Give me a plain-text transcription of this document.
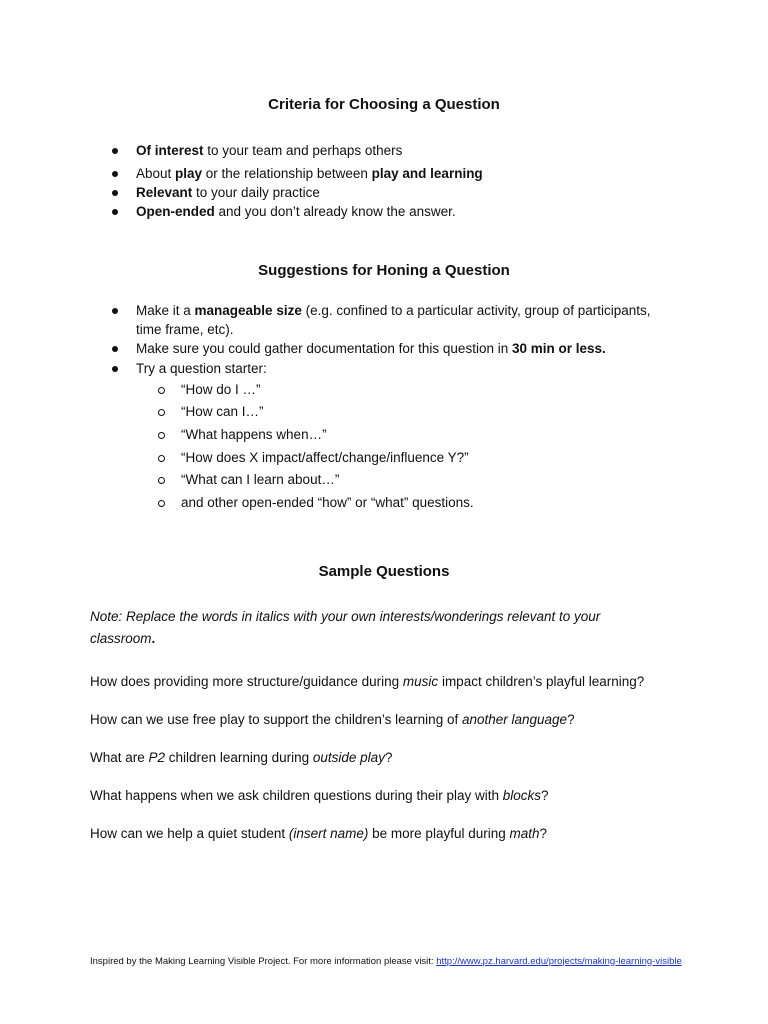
Criteria for Choosing a Question

Of interest to your team and perhaps others

About play or the relationship between play and learning

Relevant to your daily practice

Open-ended and you don’t already know the answer.

Suggestions for Honing a Question

Make it a manageable size (e.g. confined to a particular activity, group of participants, time frame, etc).

Make sure you could gather documentation for this question in 30 min or less.

Try a question starter:

“How do I …”

“How can I…”

“What happens when…”

“How does X impact/affect/change/influence Y?”

“What can I learn about…”

and other open-ended “how” or “what” questions.

Sample Questions

Note: Replace the words in italics with your own interests/wonderings relevant to your classroom.

How does providing more structure/guidance during music impact children’s playful learning?

How can we use free play to support the children’s learning of another language?

What are P2 children learning during outside play?

What happens when we ask children questions during their play with blocks?

How can we help a quiet student (insert name) be more playful during math?

Inspired by the Making Learning Visible Project. For more information please visit: http://www.pz.harvard.edu/projects/making-learning-visible
